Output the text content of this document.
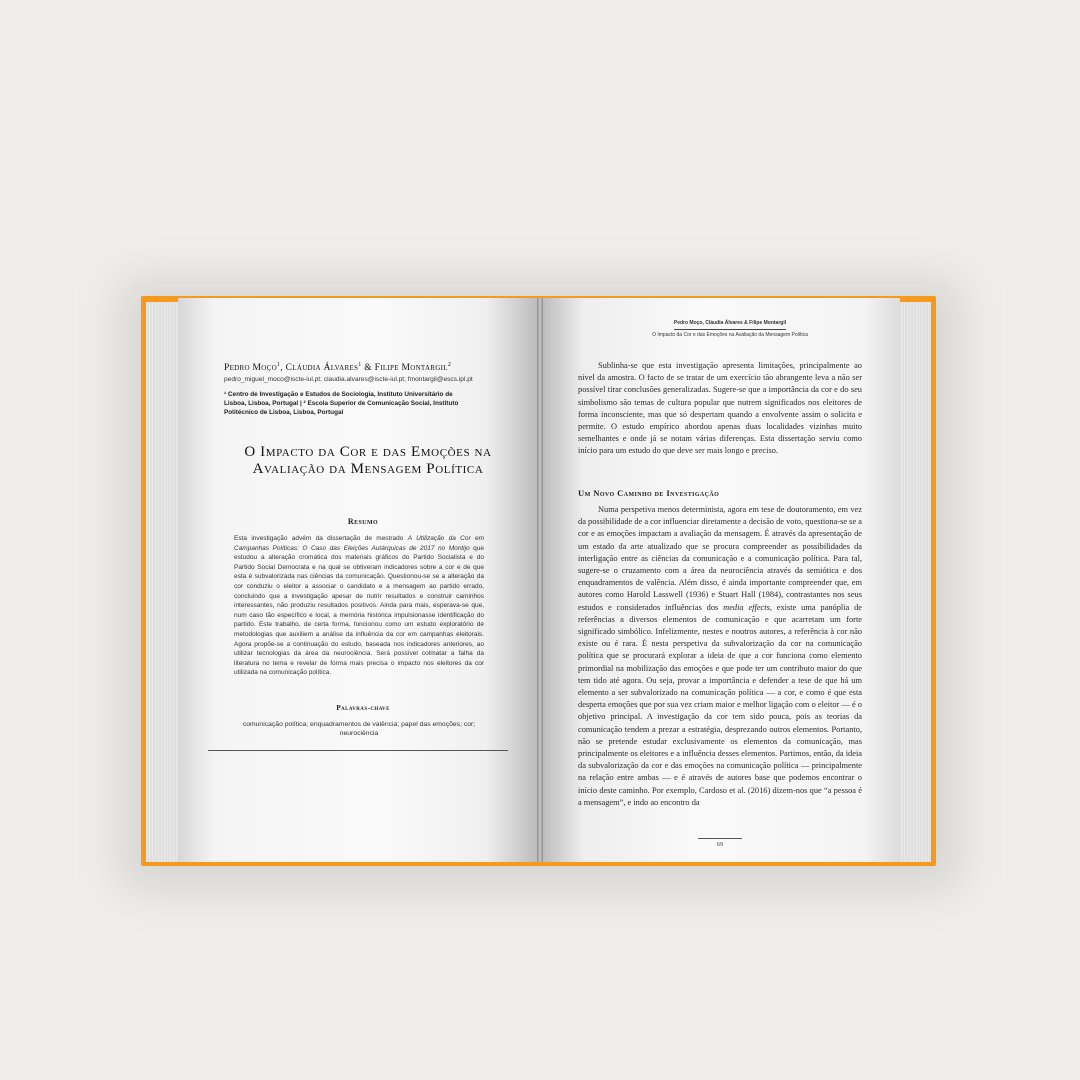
Pedro Moço$^1$, Cláudia Álvares$^1$ & Filipe Montargil$^2$
pedro_miguel_moco@iscte-iul.pt; claudia.alvares@iscte-iul.pt; fmontargil@escs.ipl.pt
¹ Centro de Investigação e Estudos de Sociologia, Instituto Universitário de Lisboa, Lisboa, Portugal | ² Escola Superior de Comunicação Social, Instituto Politécnico de Lisboa, Lisboa, Portugal
O Impacto da Cor e das Emoções na
Avaliação da Mensagem Política
Resumo
Esta investigação advém da dissertação de mestrado A Utilização da Cor em Campanhas Políticas: O Caso das Eleições Autárquicas de 2017 no Montijo que estudou a alteração cromática dos materiais gráficos do Partido Socialista e do Partido Social Democrata e na qual se obtiveram indicadores sobre a cor e de que esta é subvalorizada nas ciências da comunicação. Questionou-se se a alteração da cor conduziu o eleitor a associar o candidato e a mensagem ao partido errado, concluindo que a investigação apesar de nutrir resultados e construir caminhos interessantes, não produziu resultados positivos. Ainda para mais, esperava-se que, num caso tão específico e local, a memória histórica impulsionasse identificação do partido. Este trabalho, de certa forma, funcionou como um estudo exploratório de metodologias que auxiliem a análise da influência da cor em campanhas eleitorais. Agora propõe-se a continuação do estudo, baseada nos indicadores anteriores, ao utilizar tecnologias da área da neurociência. Será possível colmatar a falha da literatura no tema e revelar de forma mais precisa o impacto nos eleitores da cor utilizada na comunicação política.
Palavras-chave
comunicação política; enquadramentos de valência; papel das emoções; cor; neurociência
Pedro Moço, Cláudia Álvares & Filipe Montargil
O Impacto da Cor e das Emoções na Avaliação da Mensagem Política
Sublinha-se que esta investigação apresenta limitações, principalmente ao nível da amostra. O facto de se tratar de um exercício tão abrangente leva a não ser possível tirar conclusões generalizadas. Sugere-se que a importância da cor e do seu simbolismo são temas de cultura popular que nutrem significados nos eleitores de forma inconsciente, mas que só despertam quando a envolvente assim o solicita e permite. O estudo empírico abordou apenas duas localidades vizinhas muito semelhantes e onde já se notam várias diferenças. Esta dissertação serviu como início para um estudo do que deve ser mais longo e preciso.
Um Novo Caminho de Investigação
Numa perspetiva menos determinista, agora em tese de doutoramento, em vez da possibilidade de a cor influenciar diretamente a decisão de voto, questiona-se se a cor e as emoções impactam a avaliação da mensagem. É através da apresentação de um estado da arte atualizado que se procura compreender as possibilidades da interligação entre as ciências da comunicação e a comunicação política. Para tal, sugere-se o cruzamento com a área da neurociência através da semiótica e dos enquadramentos de valência. Além disso, é ainda importante compreender que, em autores como Harold Lasswell (1936) e Stuart Hall (1984), contrastantes nos seus estudos e considerados influências dos media effects, existe uma panóplia de referências a diversos elementos de comunicação e que acarretam um forte significado simbólico. Infelizmente, nestes e noutros autores, a referência à cor não existe ou é rara. É nesta perspetiva da subvalorização da cor na comunicação política que se procurará explorar a ideia de que a cor funciona como elemento primordial na mobilização das emoções e que pode ter um contributo maior do que tem tido até agora. Ou seja, provar a importância e defender a tese de que há um elemento a ser subvalorizado na comunicação política — a cor, e como é que esta desperta emoções que por sua vez criam maior e melhor ligação com o eleitor — é o objetivo principal. A investigação da cor tem sido pouca, pois as teorias da comunicação tendem a prezar a estratégia, desprezando outros elementos. Portanto, não se pretende estudar exclusivamente os elementos da comunicação, mas principalmente os eleitores e a influência desses elementos. Partimos, então, da ideia da subvalorização da cor e das emoções na comunicação política — principalmente na relação entre ambas — e é através de autores base que podemos encontrar o início deste caminho. Por exemplo, Cardoso et al. (2016) dizem-nos que “a pessoa é a mensagem”, e indo ao encontro da
69
